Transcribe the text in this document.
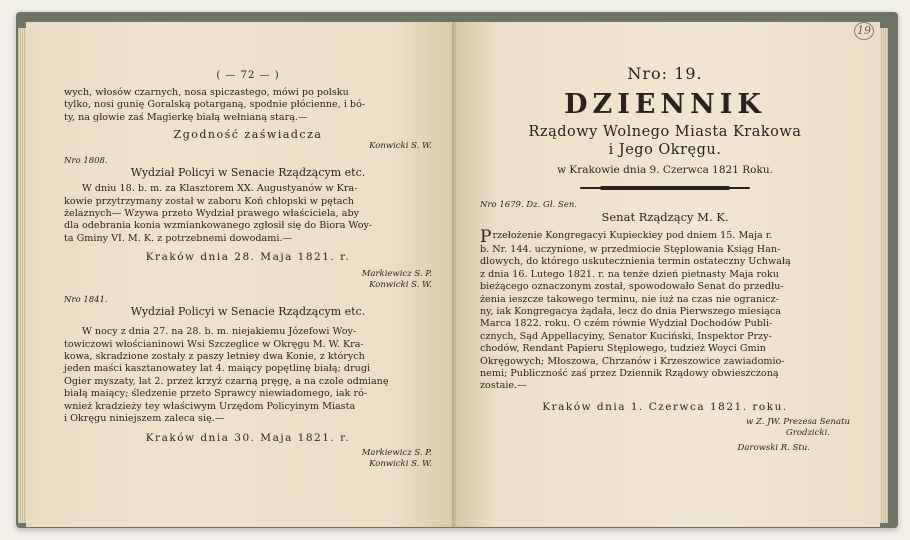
( — 72 — )

wych, włosów czarnych, nosa spiczastego, mówi po polsku

tylko, nosi gunię Goralską potarganą, spodnie płócienne, i bó-

ty, na głowie zaś Magierkę białą wełnianą starą.—

Zgodność zaświadcza

Konwicki S. W.

Nro 1808.

Wydział Policyi w Senacie Rządzącym etc.

W dniu 18. b. m. za Klasztorem XX. Augustyanów w Kra-

kowie przytrzymany został w zaboru Koń chłopski w pętach

żelaznych— Wzywa przeto Wydział prawego właściciela, aby

dla odebrania konia wzmiankowanego zgłosił się do Biora Woy-

ta Gminy VI. M. K. z potrzebnemi dowodami.—

Kraków dnia 28. Maja 1821. r.

Markiewicz S. P.

Konwicki S. W.

Nro 1841.

Wydział Policyi w Senacie Rządzącym etc.

W nocy z dnia 27. na 28. b. m. niejakiemu Józefowi Woy-

towiczowi włościaninowi Wsi Szczeglice w Okręgu M. W. Kra-

kowa, skradzione zostały z paszy letniey dwa Konie, z których

jeden maści kasztanowatey lat 4. maiący popętlinę białą; drugi

Ogier myszaty, lat 2. przez krzyż czarną pręgę, a na czole odmianę

białą maiący; śledzenie przeto Sprawcy niewiadomego, iak ró-

wnież kradzieży tey właściwym Urzędom Policyinym Miasta

i Okręgu niniejszem zaleca się.—

Kraków dnia 30. Maja 1821. r.

Markiewicz S. P.

Konwicki S. W.

19

Nro: 19.

DZIENNIK

Rządowy Wolnego Miasta Krakowa

i Jego Okręgu.

w Krakowie dnia 9. Czerwca 1821 Roku.

Nro 1679. Dz. Gł. Sen.

Senat Rządzący M. K.

Przełożenie Kongregacyi Kupieckiey pod dniem 15. Maja r.

b. Nr. 144. uczynione, w przedmiocie Stęplowania Ksiąg Han-

dlowych, do którego uskutecznienia termin ostateczny Uchwałą

z dnia 16. Lutego 1821. r. na tenże dzień pietnasty Maja roku

bieżącego oznaczonym został, spowodowało Senat do przedłu-

żenia ieszcze takowego terminu, nie iuż na czas nie ogranicz-

ny, iak Kongregacya żądała, lecz do dnia Pierwszego miesiąca

Marca 1822. roku. O czém równie Wydział Dochodów Publi-

cznych, Sąd Appellacyiny, Senator Kuciński, Inspektor Przy-

chodów, Rendant Papieru Stęplowego, tudzież Woyci Gmin

Okręgowych; Młoszowa, Chrzanów i Krzeszowice zawiadomio-

nemi; Publiczność zaś przez Dziennik Rządowy obwieszczoną

zostaie.—

Kraków dnia 1. Czerwca 1821. roku.

w Z. JW. Prezesa Senatu

Grodzicki.

Darowski R. Stu.
